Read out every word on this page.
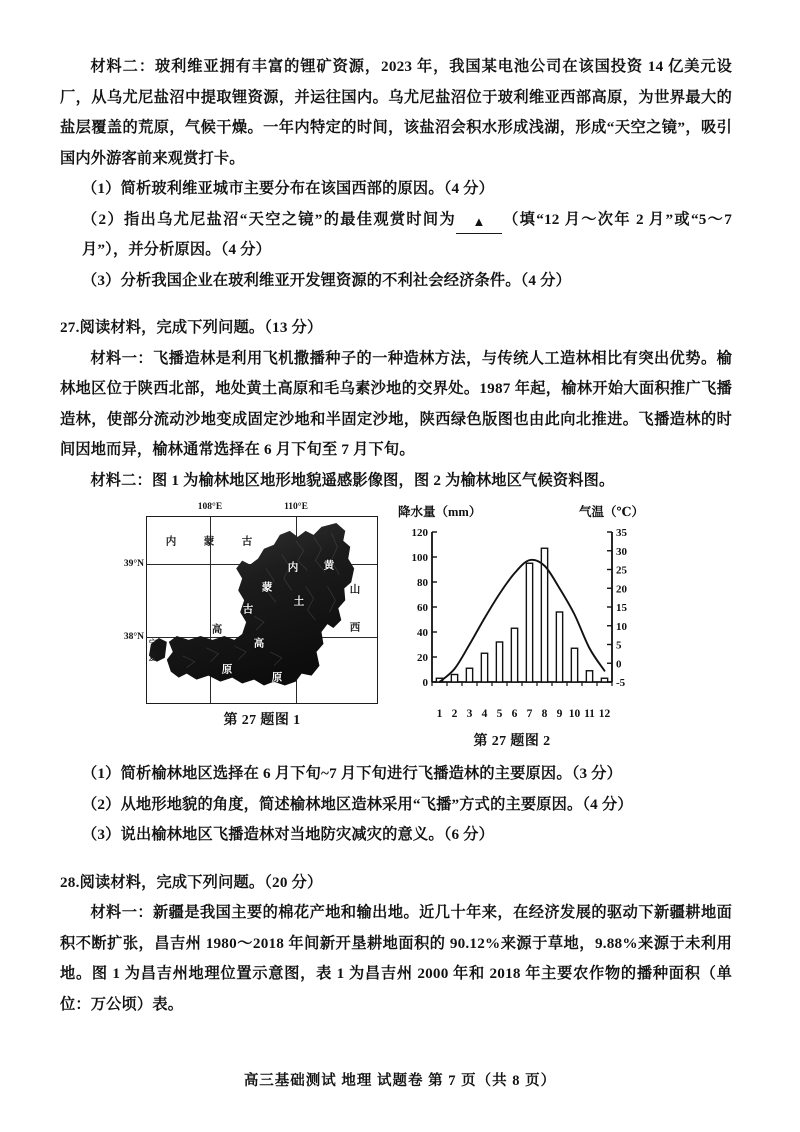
材料二：玻利维亚拥有丰富的锂矿资源，2023 年，我国某电池公司在该国投资 14 亿美元设厂，从乌尤尼盐沼中提取锂资源，并运往国内。乌尤尼盐沼位于玻利维亚西部高原，为世界最大的盐层覆盖的荒原，气候干燥。一年内特定的时间，该盐沼会积水形成浅湖，形成“天空之镜”，吸引国内外游客前来观赏打卡。

（1）简析玻利维亚城市主要分布在该国西部的原因。（4 分）

（2）指出乌尤尼盐沼“天空之镜”的最佳观赏时间为 ▲ （填“12 月～次年 2 月”或“5～7 月”），并分析原因。（4 分）

（3）分析我国企业在玻利维亚开发锂资源的不利社会经济条件。（4 分）

27.阅读材料，完成下列问题。（13 分）

材料一：飞播造林是利用飞机撒播种子的一种造林方法，与传统人工造林相比有突出优势。榆林地区位于陕西北部，地处黄土高原和毛乌素沙地的交界处。1987 年起，榆林开始大面积推广飞播造林，使部分流动沙地变成固定沙地和半固定沙地，陕西绿色版图也由此向北推进。飞播造林的时间因地而异，榆林通常选择在 6 月下旬至 7 月下旬。

材料二：图 1 为榆林地区地形地貌遥感影像图，图 2 为榆林地区气候资料图。

108°E	110°E
39°N
38°N
内	蒙	古
内
蒙
古
高
原
黄
土
高
原
山
西
宁
夏
第 27 题图 1
降水量（mm）	气温（℃）
0
20
40
60
80
100
120
-5
0
5
10
15
20
25
30
35
1 2 3 4 5 6 7 8 9 10 11 12
第 27 题图 2

（1）简析榆林地区选择在 6 月下旬~7 月下旬进行飞播造林的主要原因。（3 分）

（2）从地形地貌的角度，简述榆林地区造林采用“飞播”方式的主要原因。（4 分）

（3）说出榆林地区飞播造林对当地防灾减灾的意义。（6 分）

28.阅读材料，完成下列问题。（20 分）

材料一：新疆是我国主要的棉花产地和输出地。近几十年来，在经济发展的驱动下新疆耕地面积不断扩张，昌吉州 1980～2018 年间新开垦耕地面积的 90.12%来源于草地，9.88%来源于未利用地。图 1 为昌吉州地理位置示意图，表 1 为昌吉州 2000 年和 2018 年主要农作物的播种面积（单位：万公顷）表。

高三基础测试 地理 试题卷 第 7 页（共 8 页）
